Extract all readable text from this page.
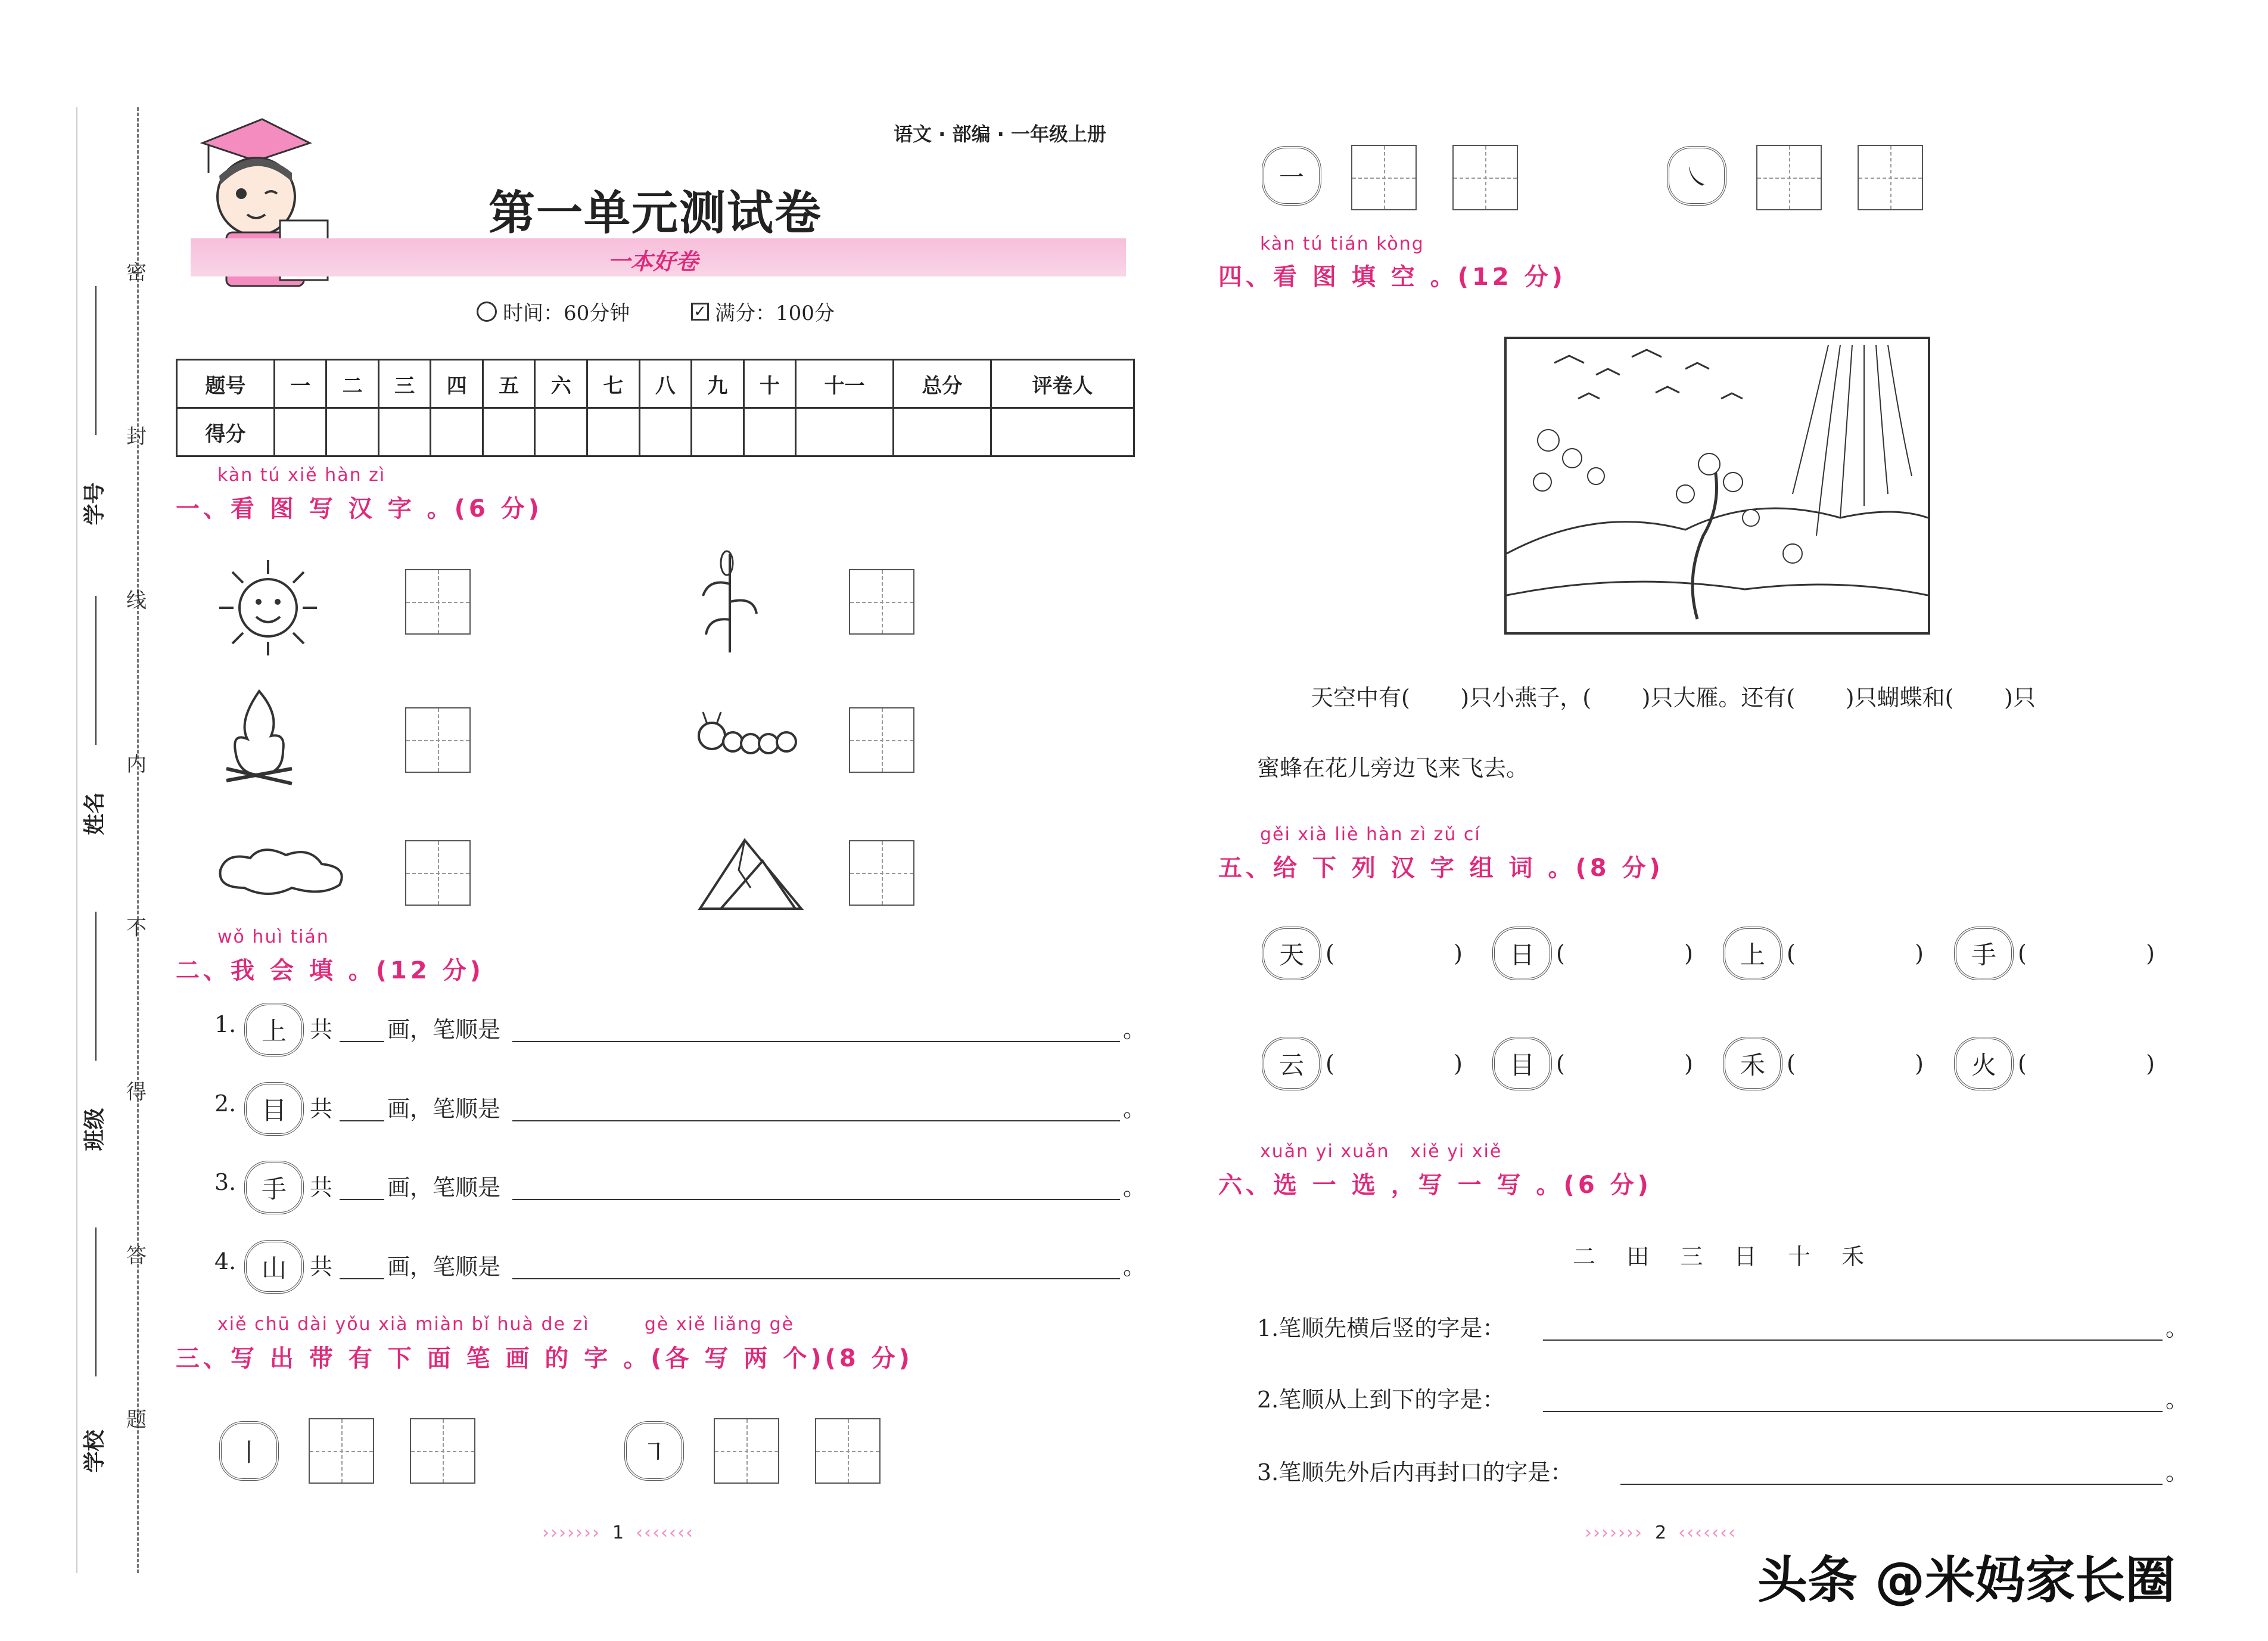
学号
姓名
班级
学校
密
封
线
内
不
得
答
题
语文 · 部编 · 一年级上册
第一单元测试卷
一本好卷
时间：60分钟	✓ 满分：100分
题号	一	二	三	四	五	六	七	八	九	十	十一	总分	评卷人
得分													
kàn tú xiě hàn zì
一、看 图 写 汉 字 。(6 分)
wǒ huì tián
二、我 会 填 。(12 分)
1.	上	共 画，笔顺是	。
2.	目	共 画，笔顺是	。
3.	手	共 画，笔顺是	。
4.	山	共 画，笔顺是	。
xiě chū dài yǒu xià miàn bǐ huà de zì        gè xiě liǎng gè
三、写 出 带 有 下 面 笔 画 的 字 。(各 写 两 个)(8 分)
丨	㇕
››››››› 1 ‹‹‹‹‹‹‹
一	㇏
kàn tú tián kòng
四、看 图 填 空 。(12 分)
天空中有(       )只小燕子，(       )只大雁。还有(       )只蝴蝶和(       )只
蜜蜂在花儿旁边飞来飞去。
gěi xià liè hàn zì zǔ cí
五、给 下 列 汉 字 组 词 。(8 分)
天 (	)	日 (	)	上 (	)	手 (	)
云 (	)	目 (	)	禾 (	)	火 (	)
xuǎn yi xuǎn   xiě yi xiě
六、选 一 选 ，写 一 写 。(6 分)
二   田   三   日   十   禾
1.笔顺先横后竖的字是：	。
2.笔顺从上到下的字是：	。
3.笔顺先外后内再封口的字是：	。
››››››› 2 ‹‹‹‹‹‹‹
头条 @米妈家长圈
